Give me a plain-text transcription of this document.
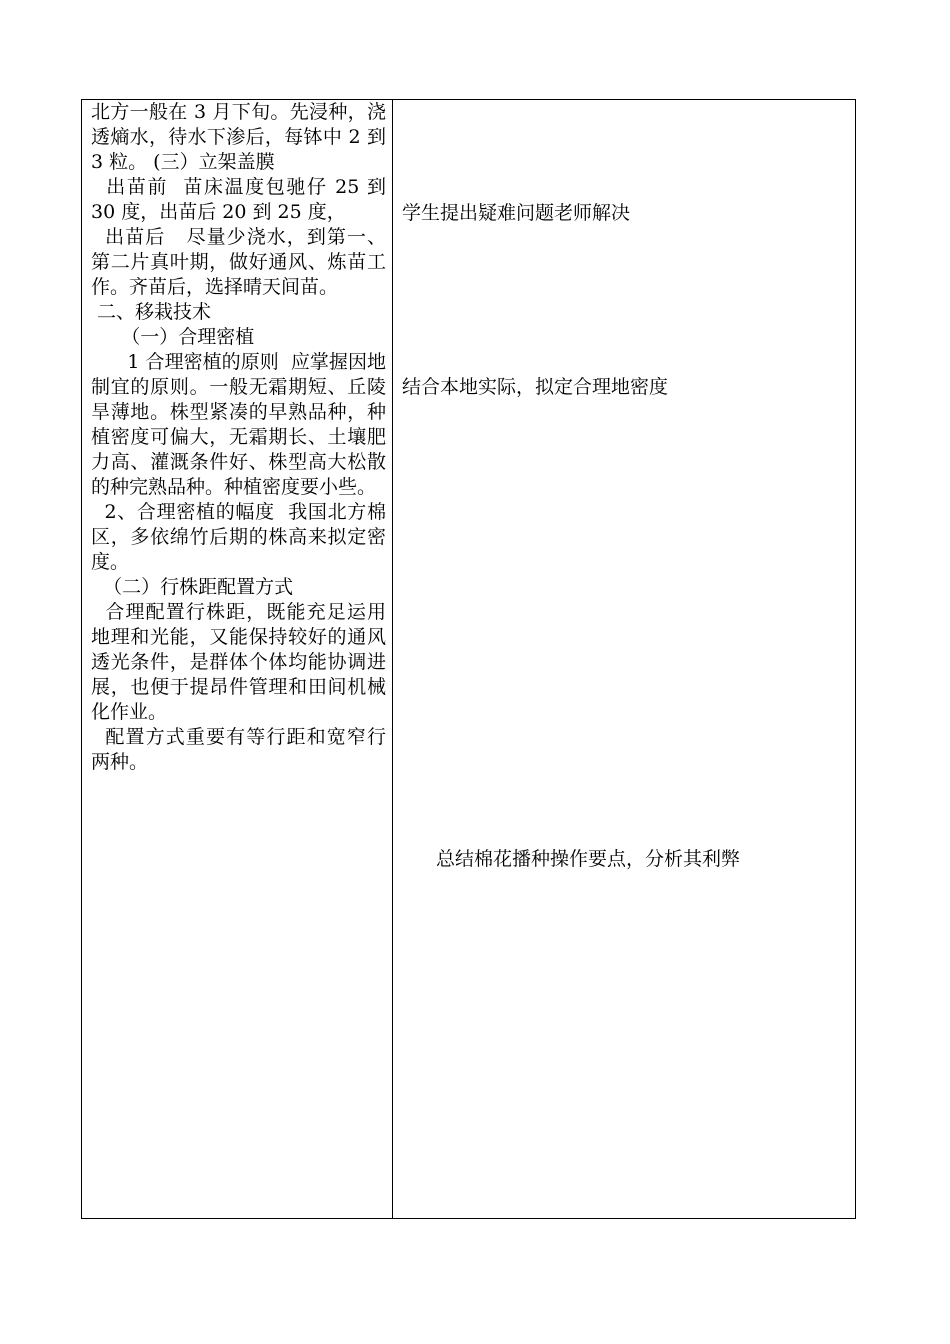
北方一般在 3 月下旬。先浸种，浇透熵水，待水下渗后，每钵中 2 到 3 粒。 (三）立架盖膜

出苗前  苗床温度包驰仔 25 到 30 度，出苗后 20 到 25 度，

出苗后   尽量少浇水，到第一、第二片真叶期，做好通风、炼苗工作。齐苗后，选择晴天间苗。

二、移栽技术

（一）合理密植

1 合理密植的原则  应掌握因地制宜的原则。一般无霜期短、丘陵旱薄地。株型紧凑的早熟品种，种植密度可偏大，无霜期长、土壤肥力高、灌溉条件好、株型高大松散的种完熟品种。种植密度要小些。

2、合理密植的幅度  我国北方棉区，多依绵竹后期的株高来拟定密度。

（二）行株距配置方式

合理配置行株距，既能充足运用地理和光能，又能保持较好的通风透光条件，是群体个体均能协调进展，也便于提昂件管理和田间机械化作业。

配置方式重要有等行距和宽窄行两种。

学生提出疑难问题老师解决

结合本地实际，拟定合理地密度

总结棉花播种操作要点，分析其利弊
